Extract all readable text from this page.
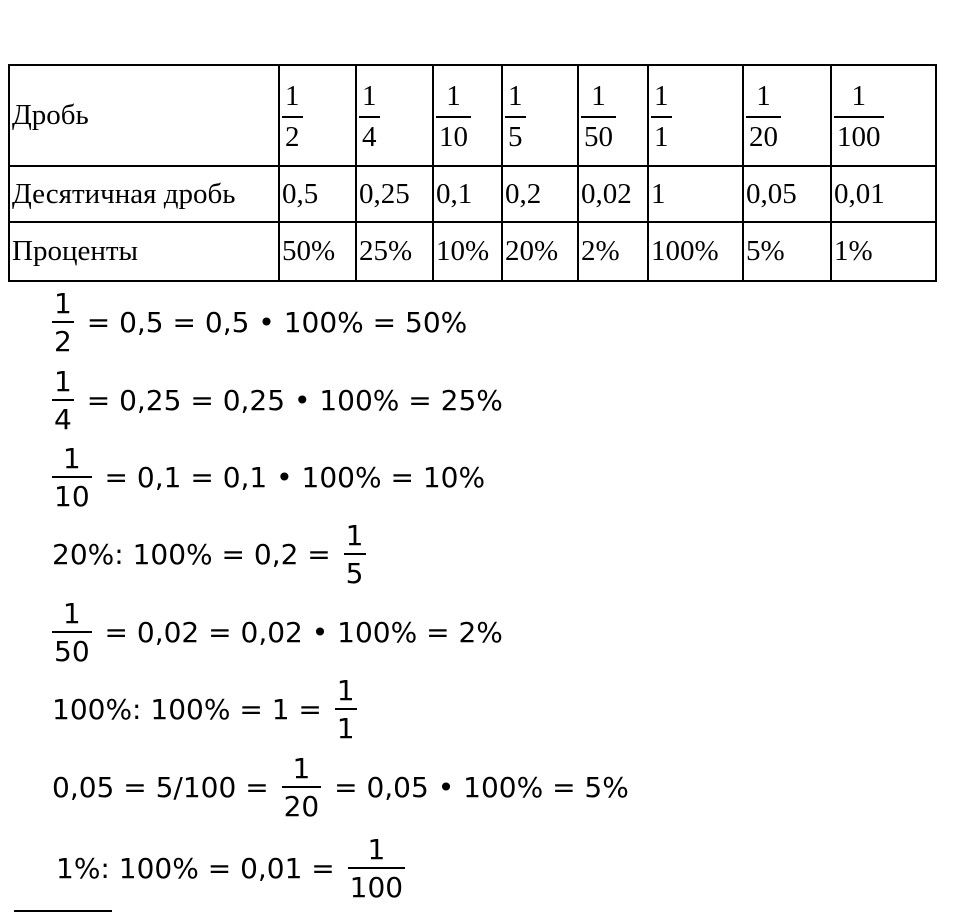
Дробь	$\frac{1}{2}$	$\frac{1}{4}$	$\frac{1}{10}$	$\frac{1}{5}$	$\frac{1}{50}$	$\frac{1}{1}$	$\frac{1}{20}$	$\frac{1}{100}$

Десятичная дробь	0,5	0,25	0,1	0,2	0,02	1	0,05	0,01
Проценты	50%	25%	10%	20%	2%	100%	5%	1%
1
2
= 0,5 = 0,5 • 100% = 50%
1
4
= 0,25 = 0,25 • 100% = 25%
1
10
= 0,1 = 0,1 • 100% = 10%
20%: 100% = 0,2 =
1
5
1
50
= 0,02 = 0,02 • 100% = 2%
100%: 100% = 1 =
1
1
0,05 = 5/100 =
1
20
= 0,05 • 100% = 5%
1%: 100% = 0,01 =
1
100
